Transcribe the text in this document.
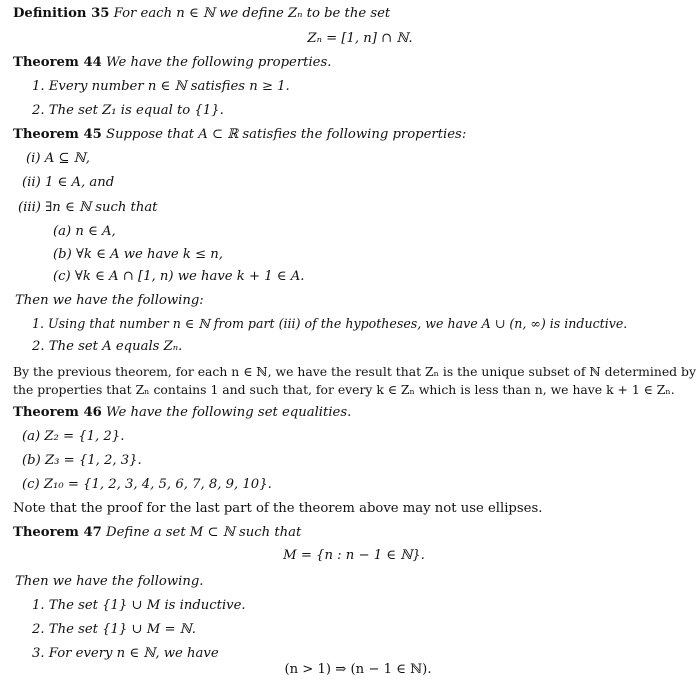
Definition 35 For each n ∈ ℕ we define Zₙ to be the set
Zₙ = [1, n] ∩ ℕ.
Theorem 44 We have the following properties.
1. Every number n ∈ ℕ satisfies n ≥ 1.
2. The set Z₁ is equal to {1}.
Theorem 45 Suppose that A ⊂ ℝ satisfies the following properties:
(i) A ⊆ ℕ,
(ii) 1 ∈ A, and
(iii) ∃n ∈ ℕ such that
(a) n ∈ A,
(b) ∀k ∈ A we have k ≤ n,
(c) ∀k ∈ A ∩ [1, n) we have k + 1 ∈ A.
Then we have the following:
1. Using that number n ∈ ℕ from part (iii) of the hypotheses, we have A ∪ (n, ∞) is inductive.
2. The set A equals Zₙ.
By the previous theorem, for each n ∈ ℕ, we have the result that Zₙ is the unique subset of ℕ determined by
the properties that Zₙ contains 1 and such that, for every k ∈ Zₙ which is less than n, we have k + 1 ∈ Zₙ.
Theorem 46 We have the following set equalities.
(a) Z₂ = {1, 2}.
(b) Z₃ = {1, 2, 3}.
(c) Z₁₀ = {1, 2, 3, 4, 5, 6, 7, 8, 9, 10}.
Note that the proof for the last part of the theorem above may not use ellipses.
Theorem 47 Define a set M ⊂ ℕ such that
M = {n : n − 1 ∈ ℕ}.
Then we have the following.
1. The set {1} ∪ M is inductive.
2. The set {1} ∪ M = ℕ.
3. For every n ∈ ℕ, we have
(n > 1) ⇒ (n − 1 ∈ ℕ).
